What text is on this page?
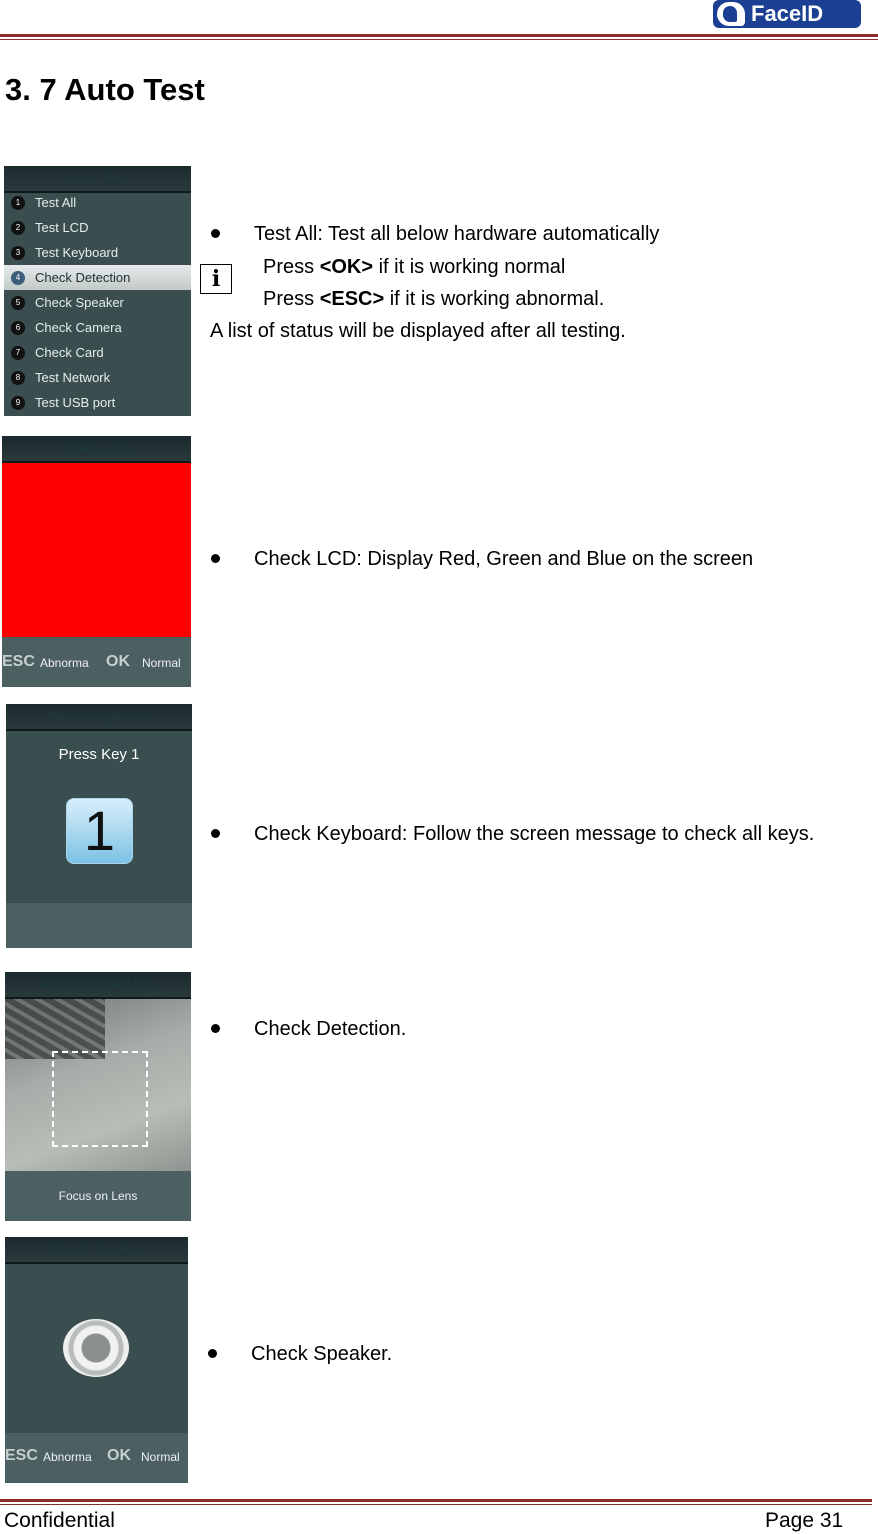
FaceID
3. 7 Auto Test
Auto Test
1	Test All
2	Test LCD
3	Test Keyboard
4	Check Detection
5	Check Speaker
6	Check Camera
7	Check Card
8	Test Network
9	Test USB port
Test All: Test all below hardware automatically
i	Press <OK> if it is working normal
Press <ESC> if it is working abnormal.
A list of status will be displayed after all testing.
Check LCD
ESC Abnorma OK Normal
Check LCD: Display Red, Green and Blue on the screen
Check Keyboard
Press Key 1
1	Check Keyboard: Follow the screen message to check all keys.
Adjust Dashed Box
Focus on Lens
Check Detection.
Check Speaker
ESC Abnorma OK Normal
Check Speaker.
Confidential	Page 31
